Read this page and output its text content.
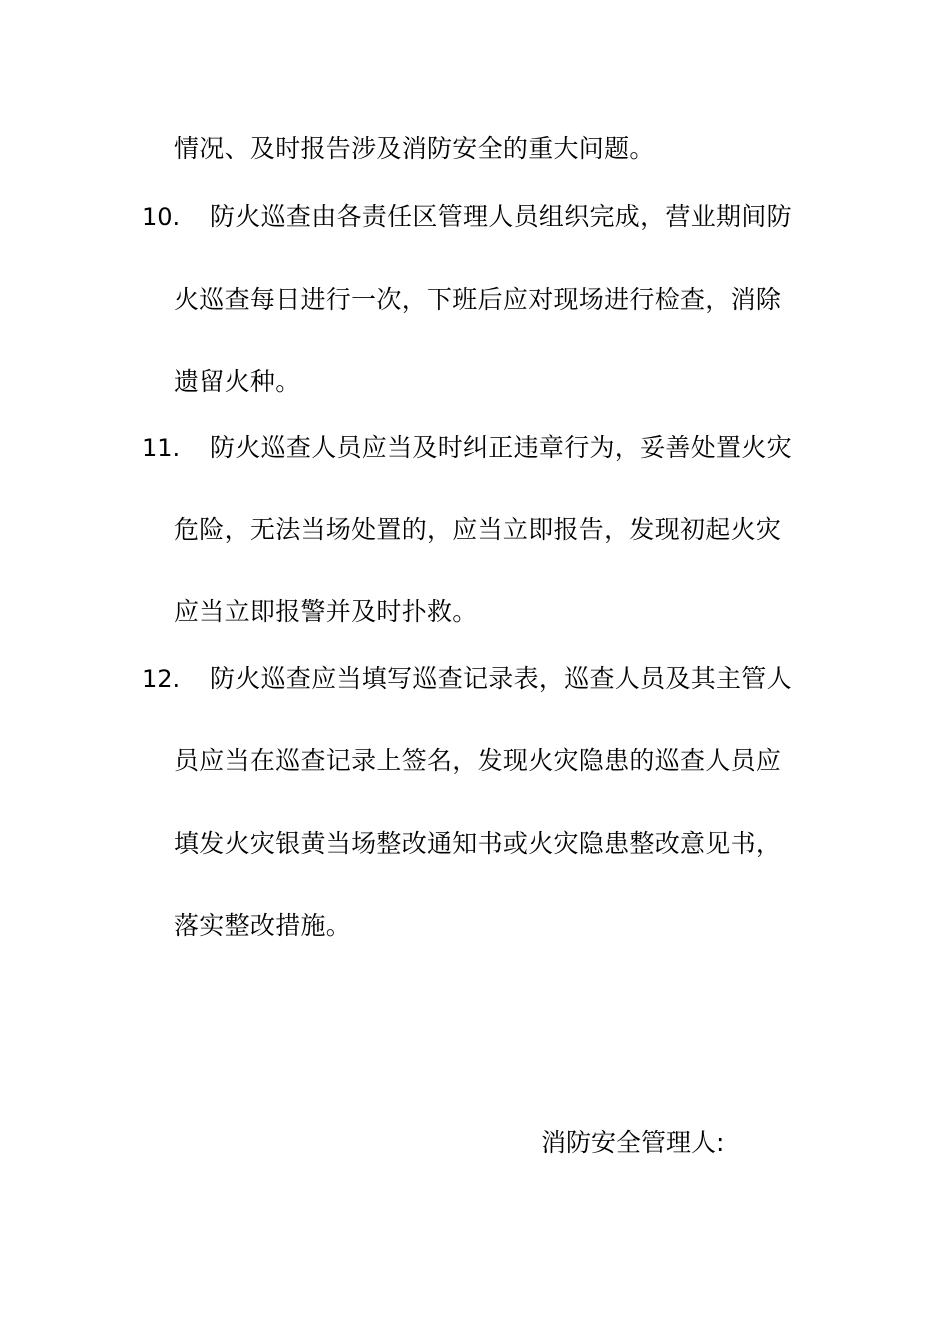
情况、及时报告涉及消防安全的重大问题。
10. 防火巡查由各责任区管理人员组织完成，营业期间防
火巡查每日进行一次，下班后应对现场进行检查，消除
遗留火种。
11. 防火巡查人员应当及时纠正违章行为，妥善处置火灾
危险，无法当场处置的，应当立即报告，发现初起火灾
应当立即报警并及时扑救。
12. 防火巡查应当填写巡查记录表，巡查人员及其主管人
员应当在巡查记录上签名，发现火灾隐患的巡查人员应
填发火灾银黄当场整改通知书或火灾隐患整改意见书，
落实整改措施。
消防安全管理人:
